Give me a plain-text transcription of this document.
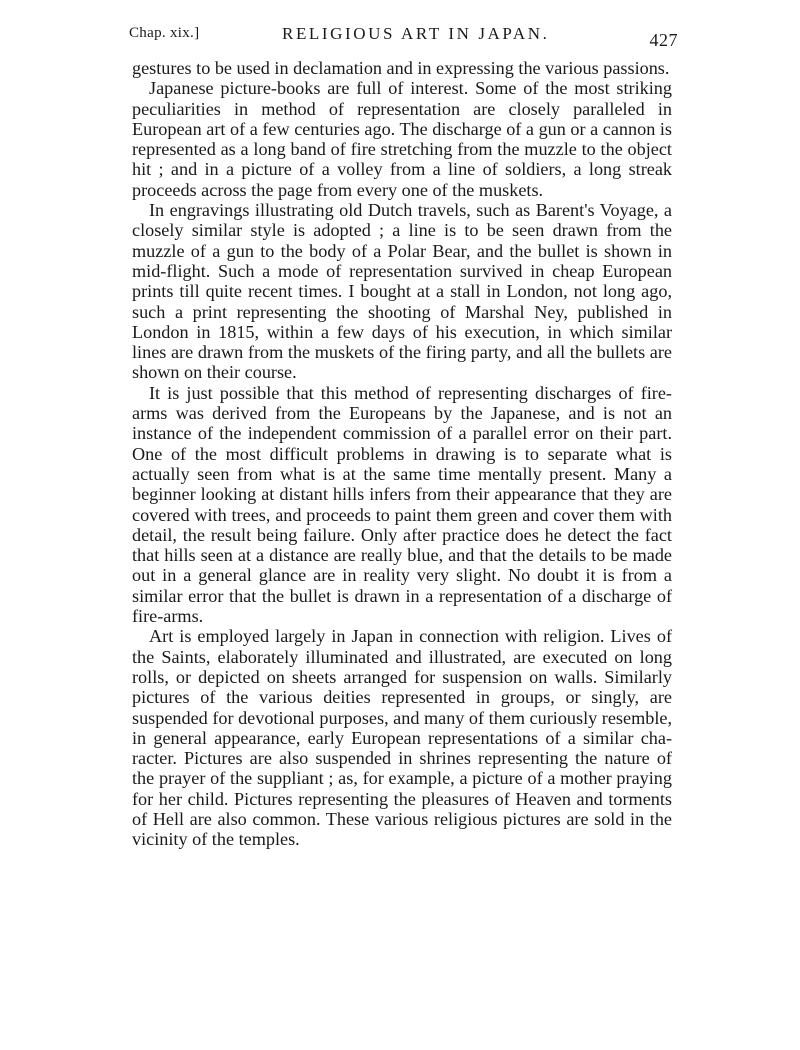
Chap. xix.]	RELIGIOUS ART IN JAPAN.	427

gestures to be used in declamation and in expressing the various passions.

Japanese picture-books are full of interest. Some of the most striking peculiarities in method of representation are closely paralleled in European art of a few centuries ago. The discharge of a gun or a cannon is represented as a long band of fire stretching from the muzzle to the object hit ; and in a picture of a volley from a line of soldiers, a long streak proceeds across the page from every one of the muskets.

In engravings illustrating old Dutch travels, such as Barent's Voyage, a closely similar style is adopted ; a line is to be seen drawn from the muzzle of a gun to the body of a Polar Bear, and the bullet is shown in mid-flight. Such a mode of representation survived in cheap European prints till quite recent times. I bought at a stall in London, not long ago, such a print representing the shooting of Marshal Ney, published in London in 1815, within a few days of his execution, in which similar lines are drawn from the muskets of the firing party, and all the bullets are shown on their course.

It is just possible that this method of representing discharges of fire-arms was derived from the Europeans by the Japanese, and is not an instance of the independent commission of a parallel error on their part. One of the most difficult problems in drawing is to separate what is actually seen from what is at the same time mentally present. Many a beginner looking at distant hills infers from their appearance that they are covered with trees, and proceeds to paint them green and cover them with detail, the result being failure. Only after practice does he detect the fact that hills seen at a distance are really blue, and that the details to be made out in a general glance are in reality very slight. No doubt it is from a similar error that the bullet is drawn in a representation of a discharge of fire-arms.

Art is employed largely in Japan in connection with religion. Lives of the Saints, elaborately illuminated and illustrated, are executed on long rolls, or depicted on sheets arranged for suspension on walls. Similarly pictures of the various deities represented in groups, or singly, are suspended for devotional purposes, and many of them curiously resemble, in general appearance, early European representations of a similar character. Pictures are also suspended in shrines representing the nature of the prayer of the suppliant ; as, for example, a picture of a mother praying for her child. Pictures representing the pleasures of Heaven and torments of Hell are also common. These various religious pictures are sold in the vicinity of the temples.
